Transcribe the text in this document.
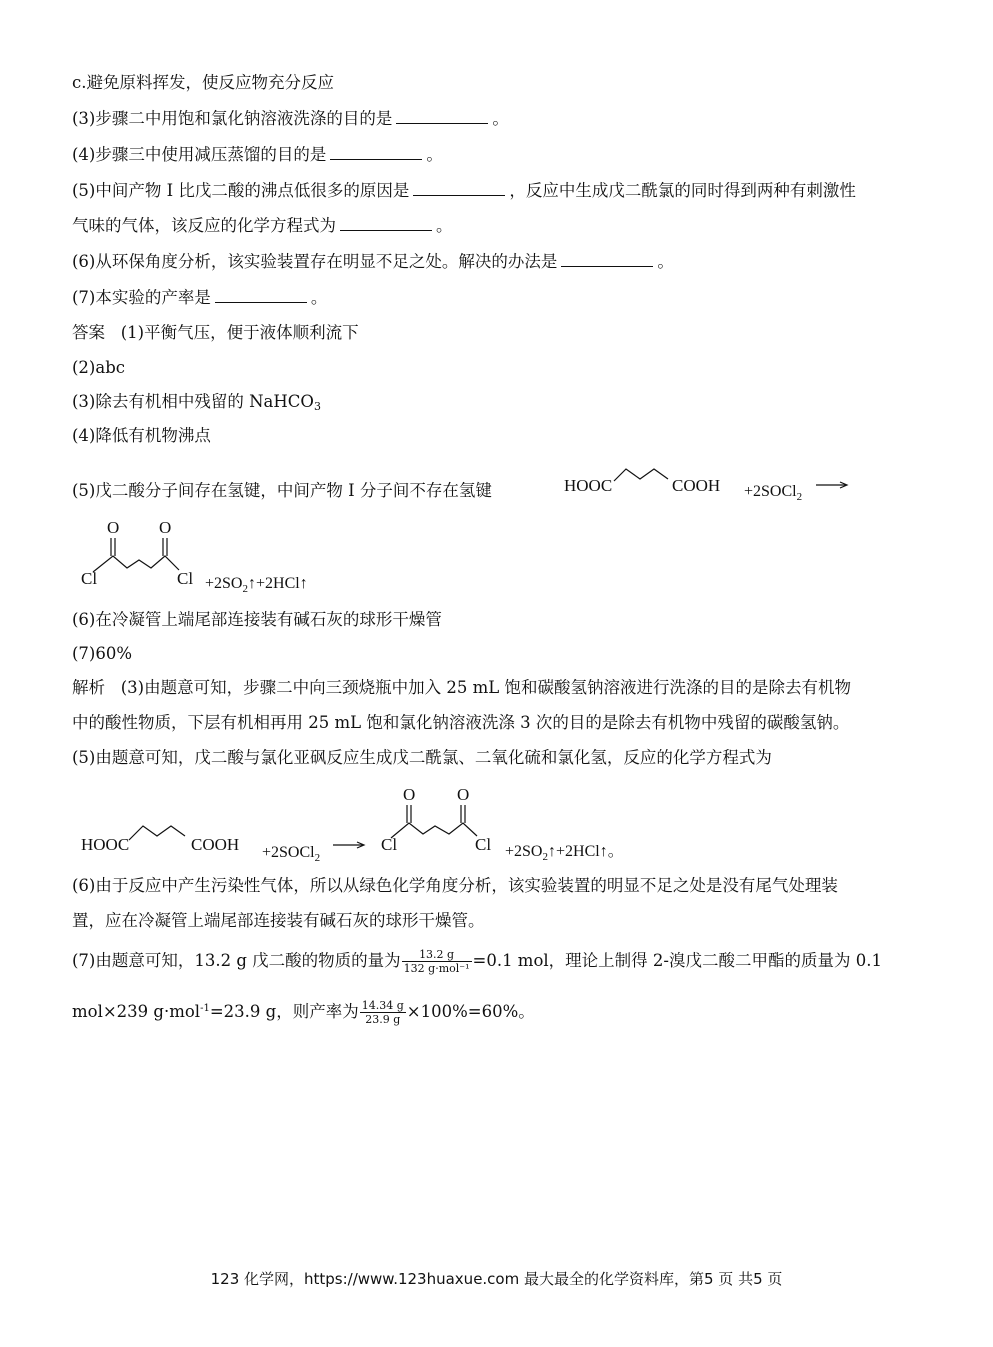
c.避免原料挥发，使反应物充分反应
(3)步骤二中用饱和氯化钠溶液洗涤的目的是	。
(4)步骤三中使用减压蒸馏的目的是	。
(5)中间产物 I 比戊二酸的沸点低很多的原因是	，反应中生成戊二酰氯的同时得到两种有刺激性
气味的气体，该反应的化学方程式为	。
(6)从环保角度分析，该实验装置存在明显不足之处。解决的办法是	。
(7)本实验的产率是	。
答案 (1)平衡气压，便于液体顺利流下
(2)abc
(3)除去有机相中残留的 NaHCO$_3$
(4)降低有机物沸点
(5)戊二酸分子间存在氢键，中间产物 I 分子间不存在氢键	HOOC	COOH +2SOCl$_2$
O O
Cl	$Cl +2SO_2↑+2HCl↑$
(6)在冷凝管上端尾部连接装有碱石灰的球形干燥管
(7)60%
解析 (3)由题意可知，步骤二中向三颈烧瓶中加入 25 mL 饱和碳酸氢钠溶液进行洗涤的目的是除去有机物
中的酸性物质，下层有机相再用 25 mL 饱和氯化钠溶液洗涤 3 次的目的是除去有机物中残留的碳酸氢钠。
(5)由题意可知，戊二酸与氯化亚砜反应生成戊二酰氯、二氧化硫和氯化氢，反应的化学方程式为
HOOC	COOH +2SOCl$_2$
O O
Cl	$Cl +2SO_2↑+2HCl↑$。
(6)由于反应中产生污染性气体，所以从绿色化学角度分析，该实验装置的明显不足之处是没有尾气处理装
置，应在冷凝管上端尾部连接装有碱石灰的球形干燥管。
(7)由题意可知，13.2 g 戊二酸的物质的量为 $\frac{13.2 g}{\text{132 g·mol⁻¹}} =0.1$ mol，理论上制得 2-溴戊二酸二甲酯的质量为 0.1
mol×239 g·mol$^{-1}$=23.9 g，则产率为 $\frac{14.34 g}{23.9 g} \times 100\%=60\%$。
123 化学网，https://www.123huaxue.com 最大最全的化学资料库，第5 页 共5 页
